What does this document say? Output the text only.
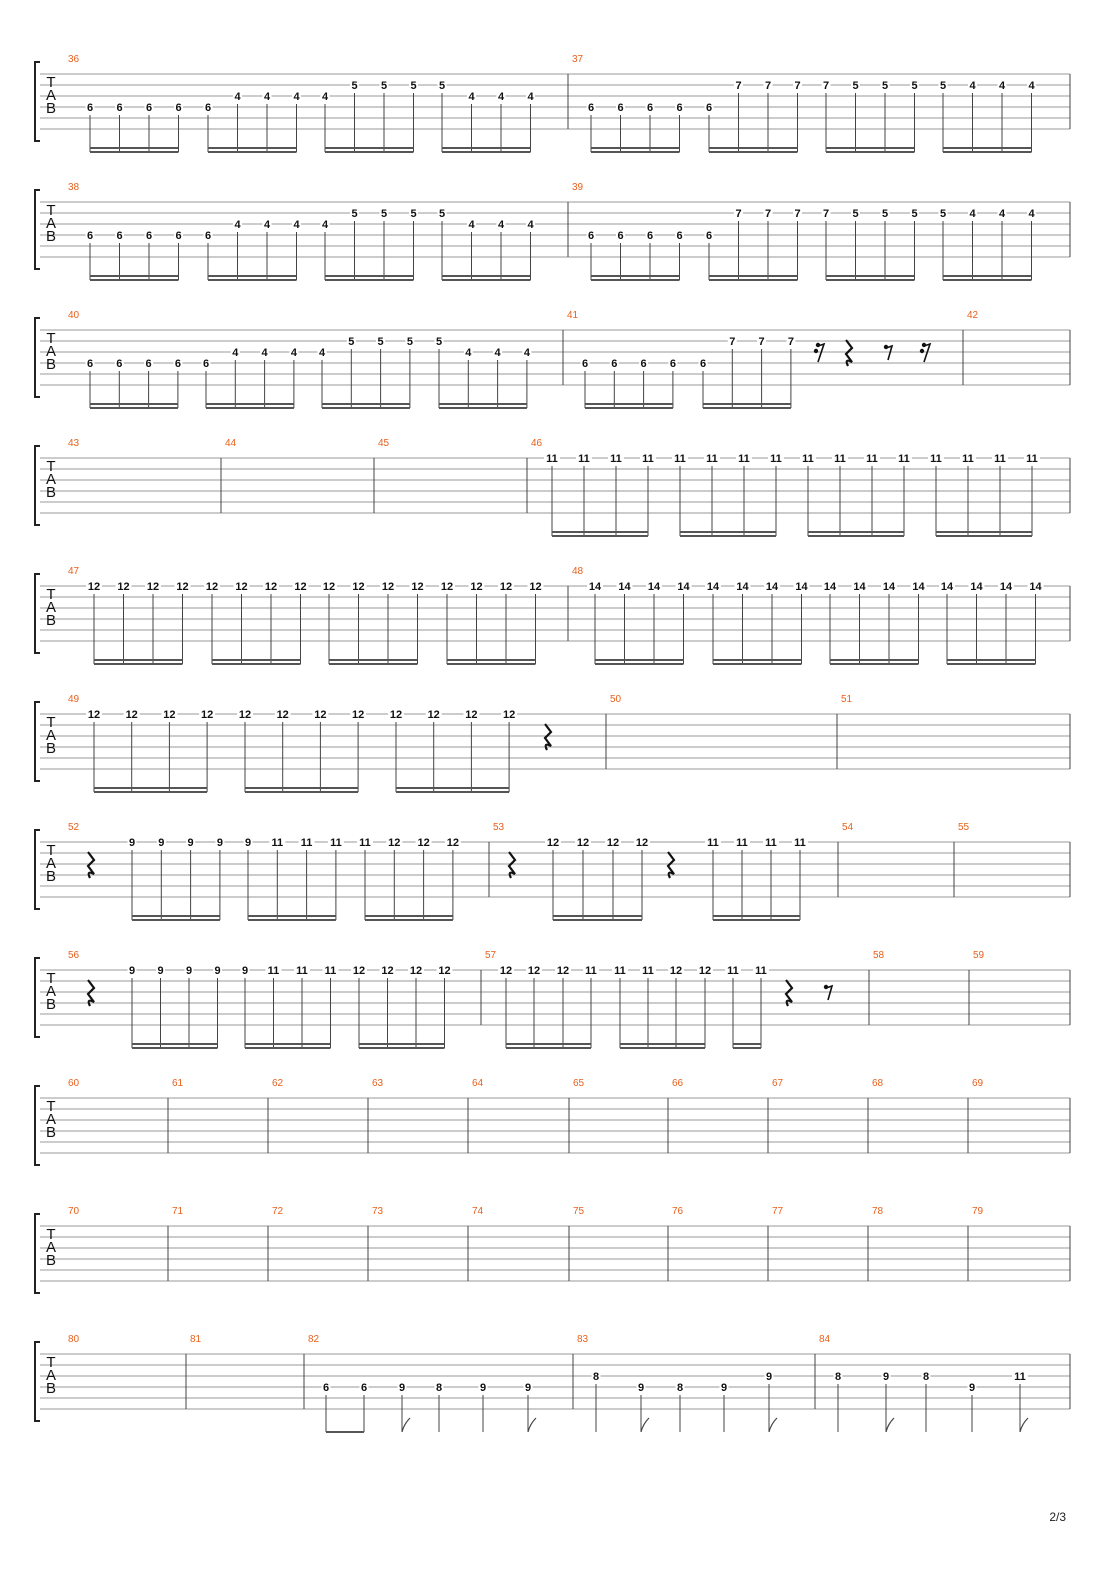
T
A
B
36
6 6 6 6 6
4 4 4 4
5 5 5 5
4 4 4
37
6 6 6 6 6
7 7 7 7 5 5 5 5 4 4 4
T
A
B
38
6 6 6 6 6
4 4 4 4
5 5 5 5
4 4 4
39
6 6 6 6 6
7 7 7 7 5 5 5 5 4 4 4
T
A
B
40
6 6 6 6 6
4 4 4 4
5 5 5 5
4 4 4
41
6 6 6 6 6
7 7 7
42
T
A
B
43	44	45	46
11 11 11 11 11 11 11 11 11 11 11 11 11 11 11 11
T
A
B
47
12 12 12 12 12 12 12 12 12 12 12 12 12 12 12 12
48
14 14 14 14 14 14 14 14 14 14 14 14 14 14 14 14
T
A
B
49
12 12 12 12 12 12 12 12 12 12 12 12
50	51
T
A
B
52
9 9 9 9 9 11 11 11 11 12 12 12
53
12 12 12 12	11 11 11 11
54	55
T
A
B
56
9 9 9 9 9 11 11 11 12 12 12 12
57
12 12 12 11 11 11 12 12 11 11
58	59
T
A
B
60	61	62	63	64	65	66	67	68	69
T
A
B
70	71	72	73	74	75	76	77	78	79
T
A
B
80	81	82
6	6	9	8	9	9
83
8
9	8	9
9
84
8	9	8
9
11
2/3
